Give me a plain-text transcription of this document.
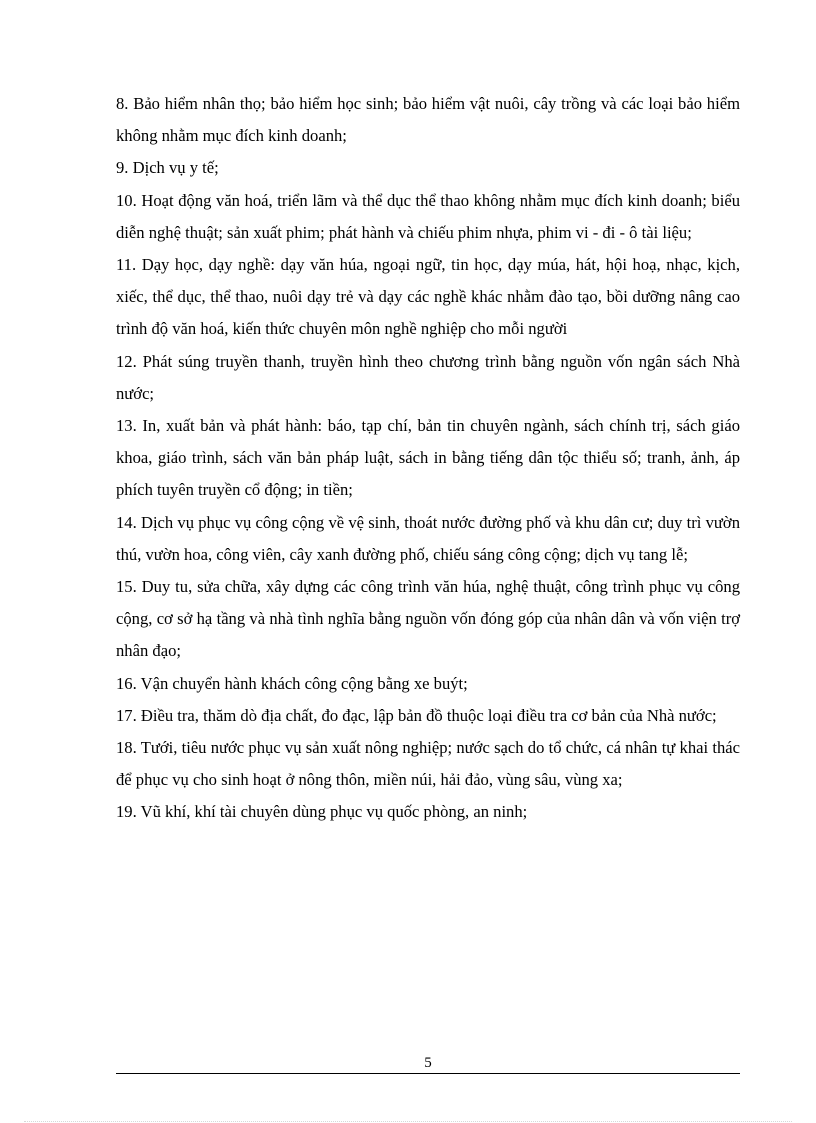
8. Bảo hiểm nhân thọ; bảo hiểm học sinh; bảo hiểm vật nuôi, cây trồng và các loại bảo hiểm không nhằm mục đích kinh doanh;

9. Dịch vụ y tế;

10. Hoạt động văn hoá, triển lãm và thể dục thể thao không nhằm mục đích kinh doanh; biểu diễn nghệ thuật; sản xuất phim; phát hành và chiếu phim nhựa, phim vi - đi - ô tài liệu;

11. Dạy học, dạy nghề: dạy văn húa, ngoại ngữ, tin học, dạy múa, hát, hội hoạ, nhạc, kịch, xiếc, thể dục, thể thao, nuôi dạy trẻ và dạy các nghề khác nhằm đào tạo, bồi dưỡng nâng cao trình độ văn hoá, kiến thức chuyên môn nghề nghiệp cho mỗi người

12. Phát súng truyền thanh, truyền hình theo chương trình bằng nguồn vốn ngân sách Nhà nước;

13. In, xuất bản và phát hành: báo, tạp chí, bản tin chuyên ngành, sách chính trị, sách giáo khoa, giáo trình, sách văn bản pháp luật, sách in bằng tiếng dân tộc thiểu số; tranh, ảnh, áp phích tuyên truyền cổ động; in tiền;

14. Dịch vụ phục vụ công cộng về vệ sinh, thoát nước đường phố và khu dân cư; duy trì vườn thú, vườn hoa, công viên, cây xanh đường phố, chiếu sáng công cộng; dịch vụ tang lễ;

15. Duy tu, sửa chữa, xây dựng các công trình văn húa, nghệ thuật, công trình phục vụ công cộng, cơ sở hạ tầng và nhà tình nghĩa bằng nguồn vốn đóng góp của nhân dân và vốn viện trợ nhân đạo;

16. Vận chuyển hành khách công cộng bằng xe buýt;

17. Điều tra, thăm dò địa chất, đo đạc, lập bản đồ thuộc loại điều tra cơ bản của Nhà nước;

18. Tưới, tiêu nước phục vụ sản xuất nông nghiệp; nước sạch do tổ chức, cá nhân tự khai thác để phục vụ cho sinh hoạt ở nông thôn, miền núi, hải đảo, vùng sâu, vùng xa;

19. Vũ khí, khí tài chuyên dùng phục vụ quốc phòng, an ninh;

5
